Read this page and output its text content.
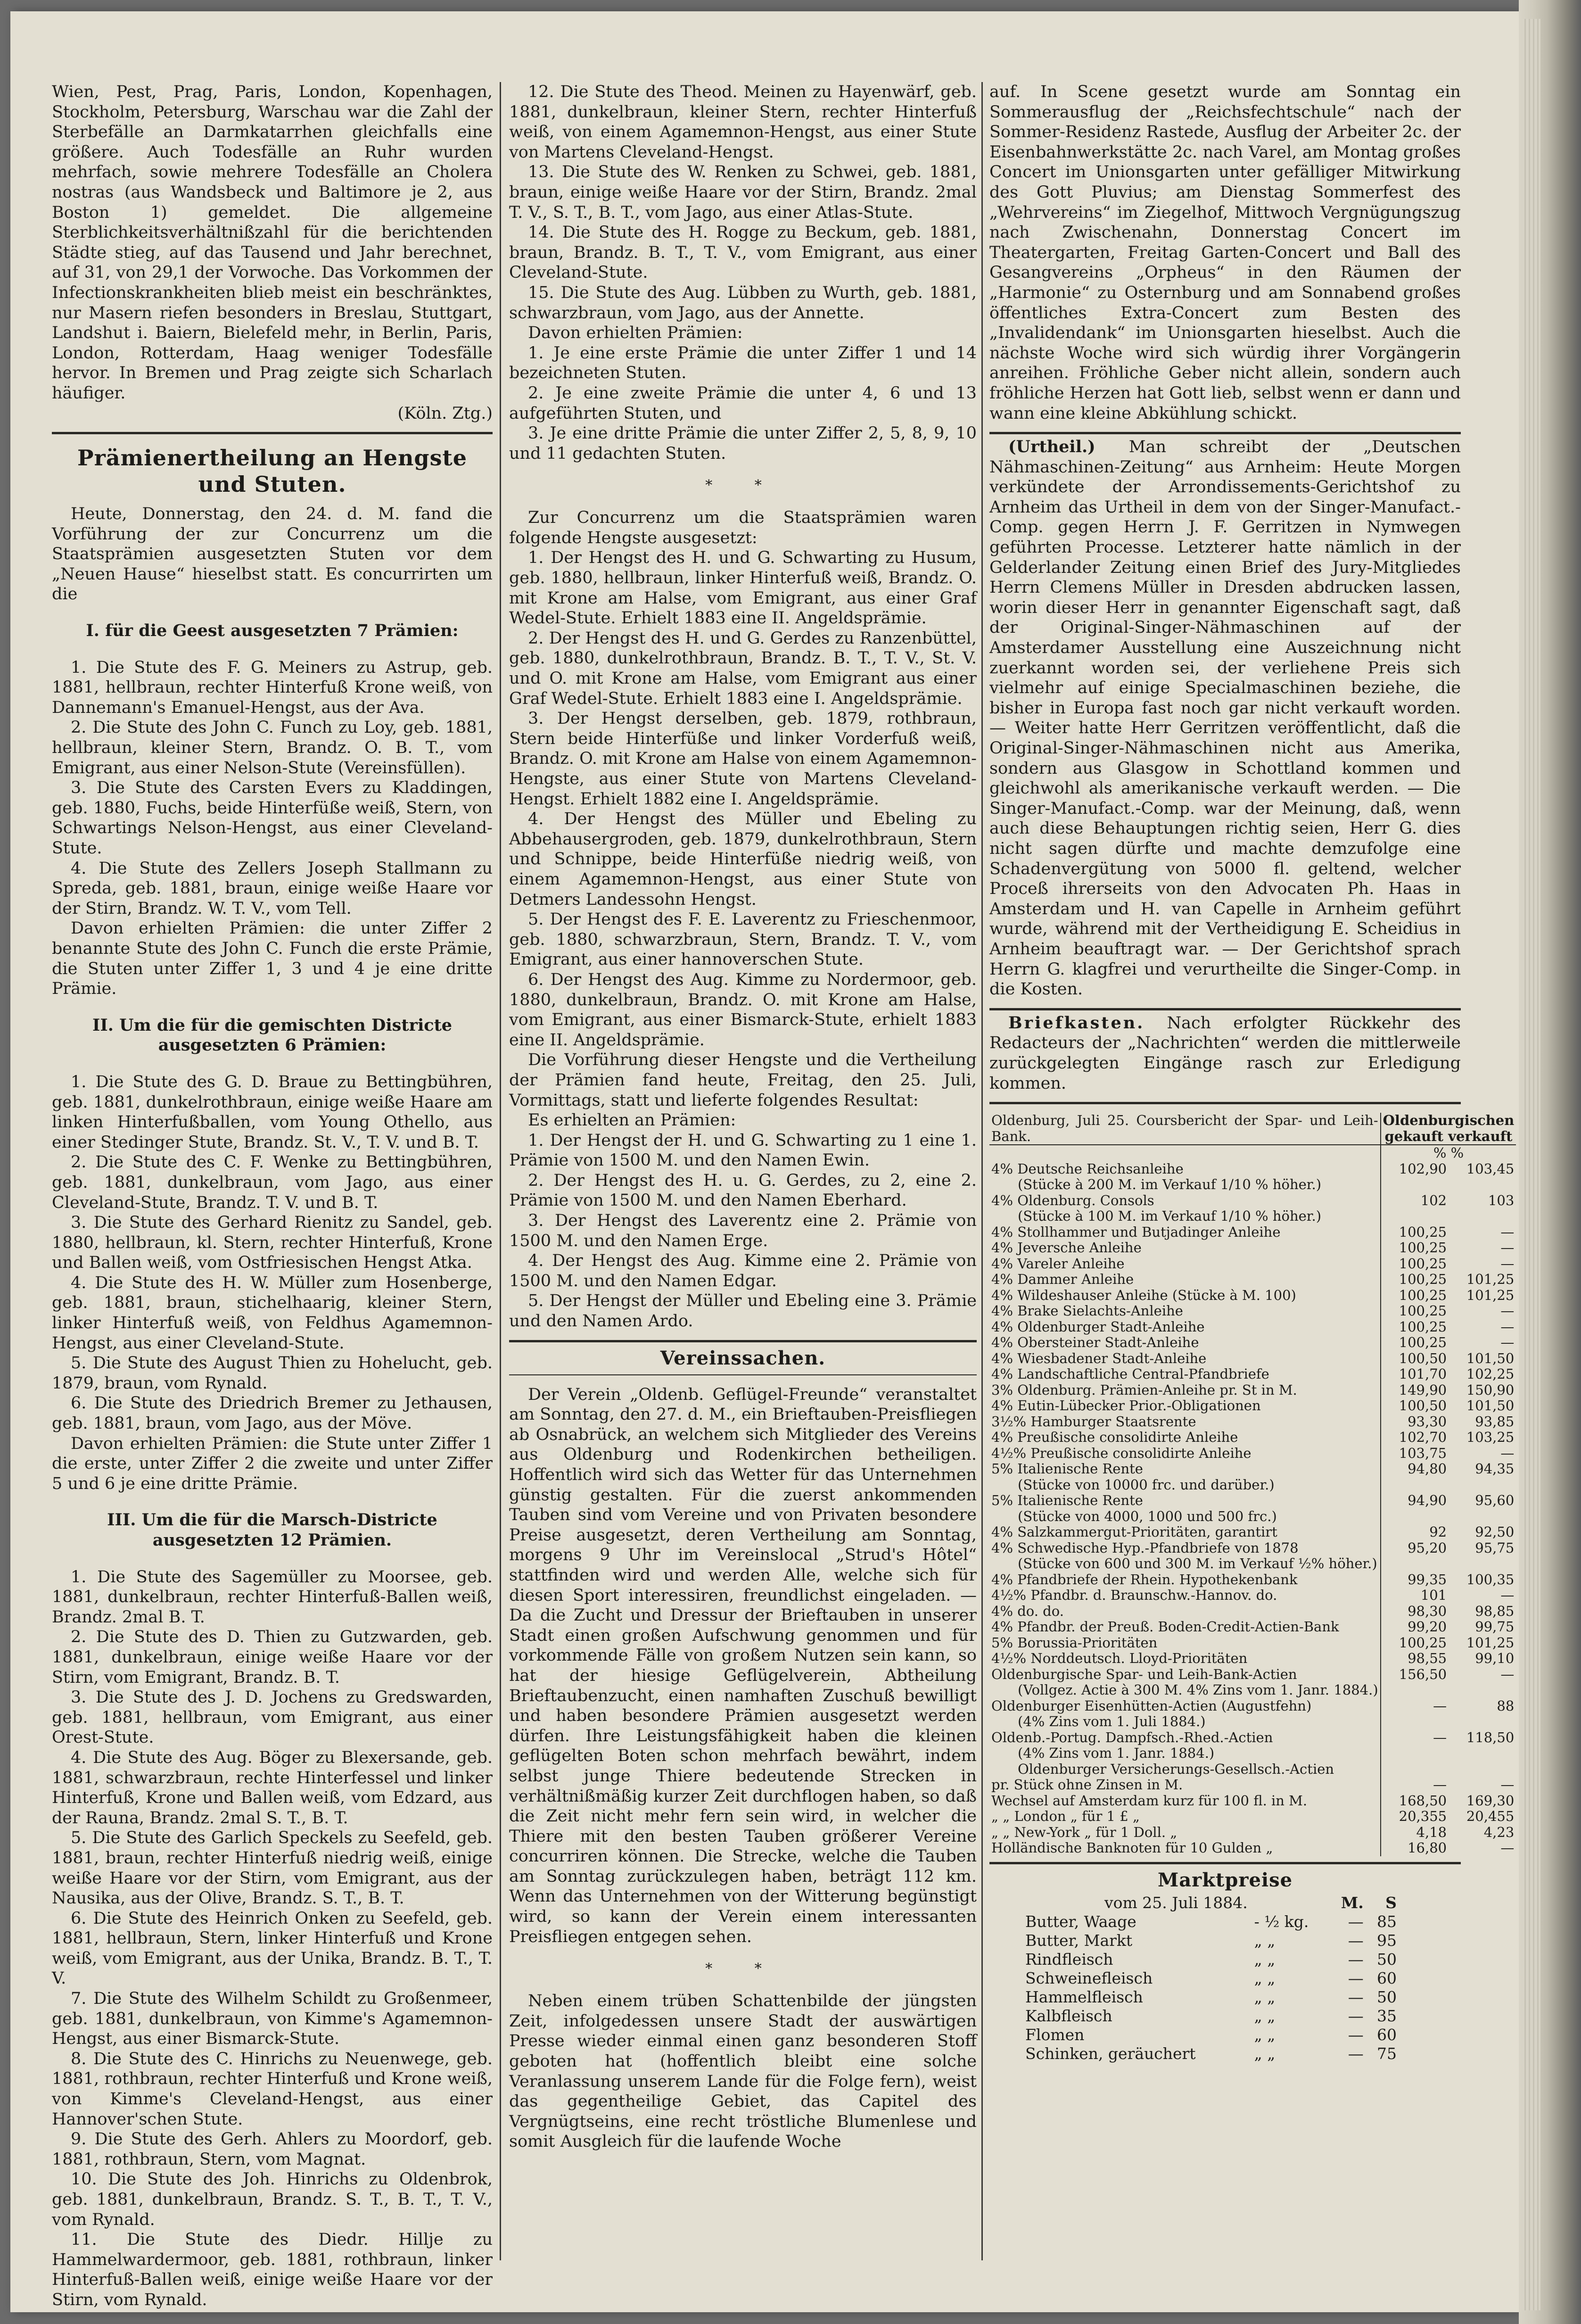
Wien, Pest, Prag, Paris, London, Kopenhagen, Stockholm, Petersburg, Warschau war die Zahl der Sterbefälle an Darmkatarrhen gleichfalls eine größere. Auch Todesfälle an Ruhr wurden mehrfach, sowie mehrere Todesfälle an Cholera nostras (aus Wandsbeck und Baltimore je 2, aus Boston 1) gemeldet. Die allgemeine Sterblichkeitsverhältnißzahl für die berichtenden Städte stieg, auf das Tausend und Jahr berechnet, auf 31, von 29,1 der Vorwoche. Das Vorkommen der Infectionskrankheiten blieb meist ein beschränktes, nur Masern riefen besonders in Breslau, Stuttgart, Landshut i. Baiern, Bielefeld mehr, in Berlin, Paris, London, Rotterdam, Haag weniger Todesfälle hervor. In Bremen und Prag zeigte sich Scharlach häufiger.

(Köln. Ztg.)

Prämienertheilung an Hengste und Stuten.

Heute, Donnerstag, den 24. d. M. fand die Vorführung der zur Concurrenz um die Staatsprämien ausgesetzten Stuten vor dem „Neuen Hause“ hieselbst statt. Es concurrirten um die

I. für die Geest ausgesetzten 7 Prämien:

1. Die Stute des F. G. Meiners zu Astrup, geb. 1881, hellbraun, rechter Hinterfuß Krone weiß, von Dannemann's Emanuel-Hengst, aus der Ava.

2. Die Stute des John C. Funch zu Loy, geb. 1881, hellbraun, kleiner Stern, Brandz. O. B. T., vom Emigrant, aus einer Nelson-Stute (Vereinsfüllen).

3. Die Stute des Carsten Evers zu Kladdingen, geb. 1880, Fuchs, beide Hinterfüße weiß, Stern, von Schwartings Nelson-Hengst, aus einer Cleveland-Stute.

4. Die Stute des Zellers Joseph Stallmann zu Spreda, geb. 1881, braun, einige weiße Haare vor der Stirn, Brandz. W. T. V., vom Tell.

Davon erhielten Prämien: die unter Ziffer 2 benannte Stute des John C. Funch die erste Prämie, die Stuten unter Ziffer 1, 3 und 4 je eine dritte Prämie.

II. Um die für die gemischten Districte ausgesetzten 6 Prämien:

1. Die Stute des G. D. Braue zu Bettingbühren, geb. 1881, dunkelrothbraun, einige weiße Haare am linken Hinterfußballen, vom Young Othello, aus einer Stedinger Stute, Brandz. St. V., T. V. und B. T.

2. Die Stute des C. F. Wenke zu Bettingbühren, geb. 1881, dunkelbraun, vom Jago, aus einer Cleveland-Stute, Brandz. T. V. und B. T.

3. Die Stute des Gerhard Rienitz zu Sandel, geb. 1880, hellbraun, kl. Stern, rechter Hinterfuß, Krone und Ballen weiß, vom Ostfriesischen Hengst Atka.

4. Die Stute des H. W. Müller zum Hosenberge, geb. 1881, braun, stichelhaarig, kleiner Stern, linker Hinterfuß weiß, von Feldhus Agamemnon-Hengst, aus einer Cleveland-Stute.

5. Die Stute des August Thien zu Hohelucht, geb. 1879, braun, vom Rynald.

6. Die Stute des Driedrich Bremer zu Jethausen, geb. 1881, braun, vom Jago, aus der Möve.

Davon erhielten Prämien: die Stute unter Ziffer 1 die erste, unter Ziffer 2 die zweite und unter Ziffer 5 und 6 je eine dritte Prämie.

III. Um die für die Marsch-Districte ausgesetzten 12 Prämien.

1. Die Stute des Sagemüller zu Moorsee, geb. 1881, dunkelbraun, rechter Hinterfuß-Ballen weiß, Brandz. 2mal B. T.

2. Die Stute des D. Thien zu Gutzwarden, geb. 1881, dunkelbraun, einige weiße Haare vor der Stirn, vom Emigrant, Brandz. B. T.

3. Die Stute des J. D. Jochens zu Gredswarden, geb. 1881, hellbraun, vom Emigrant, aus einer Orest-Stute.

4. Die Stute des Aug. Böger zu Blexersande, geb. 1881, schwarzbraun, rechte Hinterfessel und linker Hinterfuß, Krone und Ballen weiß, vom Edzard, aus der Rauna, Brandz. 2mal S. T., B. T.

5. Die Stute des Garlich Speckels zu Seefeld, geb. 1881, braun, rechter Hinterfuß niedrig weiß, einige weiße Haare vor der Stirn, vom Emigrant, aus der Nausika, aus der Olive, Brandz. S. T., B. T.

6. Die Stute des Heinrich Onken zu Seefeld, geb. 1881, hellbraun, Stern, linker Hinterfuß und Krone weiß, vom Emigrant, aus der Unika, Brandz. B. T., T. V.

7. Die Stute des Wilhelm Schildt zu Großenmeer, geb. 1881, dunkelbraun, von Kimme's Agamemnon-Hengst, aus einer Bismarck-Stute.

8. Die Stute des C. Hinrichs zu Neuenwege, geb. 1881, rothbraun, rechter Hinterfuß und Krone weiß, von Kimme's Cleveland-Hengst, aus einer Hannover'schen Stute.

9. Die Stute des Gerh. Ahlers zu Moordorf, geb. 1881, rothbraun, Stern, vom Magnat.

10. Die Stute des Joh. Hinrichs zu Oldenbrok, geb. 1881, dunkelbraun, Brandz. S. T., B. T., T. V., vom Rynald.

11. Die Stute des Diedr. Hillje zu Hammelwardermoor, geb. 1881, rothbraun, linker Hinterfuß-Ballen weiß, einige weiße Haare vor der Stirn, vom Rynald.

12. Die Stute des Theod. Meinen zu Hayenwärf, geb. 1881, dunkelbraun, kleiner Stern, rechter Hinterfuß weiß, von einem Agamemnon-Hengst, aus einer Stute von Martens Cleveland-Hengst.

13. Die Stute des W. Renken zu Schwei, geb. 1881, braun, einige weiße Haare vor der Stirn, Brandz. 2mal T. V., S. T., B. T., vom Jago, aus einer Atlas-Stute.

14. Die Stute des H. Rogge zu Beckum, geb. 1881, braun, Brandz. B. T., T. V., vom Emigrant, aus einer Cleveland-Stute.

15. Die Stute des Aug. Lübben zu Wurth, geb. 1881, schwarzbraun, vom Jago, aus der Annette.

Davon erhielten Prämien:

1. Je eine erste Prämie die unter Ziffer 1 und 14 bezeichneten Stuten.

2. Je eine zweite Prämie die unter 4, 6 und 13 aufgeführten Stuten, und

3. Je eine dritte Prämie die unter Ziffer 2, 5, 8, 9, 10 und 11 gedachten Stuten.

* *

Zur Concurrenz um die Staatsprämien waren folgende Hengste ausgesetzt:

1. Der Hengst des H. und G. Schwarting zu Husum, geb. 1880, hellbraun, linker Hinterfuß weiß, Brandz. O. mit Krone am Halse, vom Emigrant, aus einer Graf Wedel-Stute. Erhielt 1883 eine II. Angeldsprämie.

2. Der Hengst des H. und G. Gerdes zu Ranzenbüttel, geb. 1880, dunkelrothbraun, Brandz. B. T., T. V., St. V. und O. mit Krone am Halse, vom Emigrant aus einer Graf Wedel-Stute. Erhielt 1883 eine I. Angeldsprämie.

3. Der Hengst derselben, geb. 1879, rothbraun, Stern beide Hinterfüße und linker Vorderfuß weiß, Brandz. O. mit Krone am Halse von einem Agamemnon-Hengste, aus einer Stute von Martens Cleveland-Hengst. Erhielt 1882 eine I. Angeldsprämie.

4. Der Hengst des Müller und Ebeling zu Abbehausergroden, geb. 1879, dunkelrothbraun, Stern und Schnippe, beide Hinterfüße niedrig weiß, von einem Agamemnon-Hengst, aus einer Stute von Detmers Landessohn Hengst.

5. Der Hengst des F. E. Laverentz zu Frieschenmoor, geb. 1880, schwarzbraun, Stern, Brandz. T. V., vom Emigrant, aus einer hannoverschen Stute.

6. Der Hengst des Aug. Kimme zu Nordermoor, geb. 1880, dunkelbraun, Brandz. O. mit Krone am Halse, vom Emigrant, aus einer Bismarck-Stute, erhielt 1883 eine II. Angeldsprämie.

Die Vorführung dieser Hengste und die Vertheilung der Prämien fand heute, Freitag, den 25. Juli, Vormittags, statt und lieferte folgendes Resultat:

Es erhielten an Prämien:

1. Der Hengst der H. und G. Schwarting zu 1 eine 1. Prämie von 1500 M. und den Namen Ewin.

2. Der Hengst des H. u. G. Gerdes, zu 2, eine 2. Prämie von 1500 M. und den Namen Eberhard.

3. Der Hengst des Laverentz eine 2. Prämie von 1500 M. und den Namen Erge.

4. Der Hengst des Aug. Kimme eine 2. Prämie von 1500 M. und den Namen Edgar.

5. Der Hengst der Müller und Ebeling eine 3. Prämie und den Namen Ardo.

Vereinssachen.

Der Verein „Oldenb. Geflügel-Freunde“ veranstaltet am Sonntag, den 27. d. M., ein Brieftauben-Preisfliegen ab Osnabrück, an welchem sich Mitglieder des Vereins aus Oldenburg und Rodenkirchen betheiligen. Hoffentlich wird sich das Wetter für das Unternehmen günstig gestalten. Für die zuerst ankommenden Tauben sind vom Vereine und von Privaten besondere Preise ausgesetzt, deren Vertheilung am Sonntag, morgens 9 Uhr im Vereinslocal „Strud's Hôtel“ stattfinden wird und werden Alle, welche sich für diesen Sport interessiren, freundlichst eingeladen. — Da die Zucht und Dressur der Brieftauben in unserer Stadt einen großen Aufschwung genommen und für vorkommende Fälle von großem Nutzen sein kann, so hat der hiesige Geflügelverein, Abtheilung Brieftaubenzucht, einen namhaften Zuschuß bewilligt und haben besondere Prämien ausgesetzt werden dürfen. Ihre Leistungsfähigkeit haben die kleinen geflügelten Boten schon mehrfach bewährt, indem selbst junge Thiere bedeutende Strecken in verhältnißmäßig kurzer Zeit durchflogen haben, so daß die Zeit nicht mehr fern sein wird, in welcher die Thiere mit den besten Tauben größerer Vereine concurriren können. Die Strecke, welche die Tauben am Sonntag zurückzulegen haben, beträgt 112 km. Wenn das Unternehmen von der Witterung begünstigt wird, so kann der Verein einem interessanten Preisfliegen entgegen sehen.

* *

Neben einem trüben Schattenbilde der jüngsten Zeit, infolgedessen unsere Stadt der auswärtigen Presse wieder einmal einen ganz besonderen Stoff geboten hat (hoffentlich bleibt eine solche Veranlassung unserem Lande für die Folge fern), weist das gegentheilige Gebiet, das Capitel des Vergnügtseins, eine recht tröstliche Blumenlese und somit Ausgleich für die laufende Woche

auf. In Scene gesetzt wurde am Sonntag ein Sommerausflug der „Reichsfechtschule“ nach der Sommer-Residenz Rastede, Ausflug der Arbeiter 2c. der Eisenbahnwerkstätte 2c. nach Varel, am Montag großes Concert im Unionsgarten unter gefälliger Mitwirkung des Gott Pluvius; am Dienstag Sommerfest des „Wehrvereins“ im Ziegelhof, Mittwoch Vergnügungszug nach Zwischenahn, Donnerstag Concert im Theatergarten, Freitag Garten-Concert und Ball des Gesangvereins „Orpheus“ in den Räumen der „Harmonie“ zu Osternburg und am Sonnabend großes öffentliches Extra-Concert zum Besten des „Invalidendank“ im Unionsgarten hieselbst. Auch die nächste Woche wird sich würdig ihrer Vorgängerin anreihen. Fröhliche Geber nicht allein, sondern auch fröhliche Herzen hat Gott lieb, selbst wenn er dann und wann eine kleine Abkühlung schickt.

(Urtheil.) Man schreibt der „Deutschen Nähmaschinen-Zeitung“ aus Arnheim: Heute Morgen verkündete der Arrondissements-Gerichtshof zu Arnheim das Urtheil in dem von der Singer-Manufact.-Comp. gegen Herrn J. F. Gerritzen in Nymwegen geführten Processe. Letzterer hatte nämlich in der Gelderlander Zeitung einen Brief des Jury-Mitgliedes Herrn Clemens Müller in Dresden abdrucken lassen, worin dieser Herr in genannter Eigenschaft sagt, daß der Original-Singer-Nähmaschinen auf der Amsterdamer Ausstellung eine Auszeichnung nicht zuerkannt worden sei, der verliehene Preis sich vielmehr auf einige Specialmaschinen beziehe, die bisher in Europa fast noch gar nicht verkauft worden. — Weiter hatte Herr Gerritzen veröffentlicht, daß die Original-Singer-Nähmaschinen nicht aus Amerika, sondern aus Glasgow in Schottland kommen und gleichwohl als amerikanische verkauft werden. — Die Singer-Manufact.-Comp. war der Meinung, daß, wenn auch diese Behauptungen richtig seien, Herr G. dies nicht sagen dürfte und machte demzufolge eine Schadenvergütung von 5000 fl. geltend, welcher Proceß ihrerseits von den Advocaten Ph. Haas in Amsterdam und H. van Capelle in Arnheim geführt wurde, während mit der Vertheidigung E. Scheidius in Arnheim beauftragt war. — Der Gerichtshof sprach Herrn G. klagfrei und verurtheilte die Singer-Comp. in die Kosten.

Briefkasten. Nach erfolgter Rückkehr des Redacteurs der „Nachrichten“ werden die mittlerweile zurückgelegten Eingänge rasch zur Erledigung kommen.

Oldenburg, Juli 25. Coursbericht der Spar- und Leih-Bank.	Oldenburgischen gekauft verkauft	
	% %	
4% Deutsche Reichsanleihe	102,90	103,45
(Stücke à 200 M. im Verkauf 1/10 % höher.)		
4% Oldenburg. Consols	102	103
(Stücke à 100 M. im Verkauf 1/10 % höher.)		
4% Stollhammer und Butjadinger Anleihe	100,25	—
4% Jeversche Anleihe	100,25	—
4% Vareler Anleihe	100,25	—
4% Dammer Anleihe	100,25	101,25
4% Wildeshauser Anleihe (Stücke à M. 100)	100,25	101,25
4% Brake Sielachts-Anleihe	100,25	—
4% Oldenburger Stadt-Anleihe	100,25	—
4% Obersteiner Stadt-Anleihe	100,25	—
4% Wiesbadener Stadt-Anleihe	100,50	101,50
4% Landschaftliche Central-Pfandbriefe	101,70	102,25
3% Oldenburg. Prämien-Anleihe pr. St in M.	149,90	150,90
4% Eutin-Lübecker Prior.-Obligationen	100,50	101,50
3½% Hamburger Staatsrente	93,30	93,85
4% Preußische consolidirte Anleihe	102,70	103,25
4½% Preußische consolidirte Anleihe	103,75	—
5% Italienische Rente	94,80	94,35
(Stücke von 10000 frc. und darüber.)		
5% Italienische Rente	94,90	95,60
(Stücke von 4000, 1000 und 500 frc.)		
4% Salzkammergut-Prioritäten, garantirt	92	92,50
4% Schwedische Hyp.-Pfandbriefe von 1878	95,20	95,75
(Stücke von 600 und 300 M. im Verkauf ½% höher.)		
4% Pfandbriefe der Rhein. Hypothekenbank	99,35	100,35
4½% Pfandbr. d. Braunschw.-Hannov. do.	101	—
4% do. do.	98,30	98,85
4% Pfandbr. der Preuß. Boden-Credit-Actien-Bank	99,20	99,75
5% Borussia-Prioritäten	100,25	101,25
4½% Norddeutsch. Lloyd-Prioritäten	98,55	99,10
Oldenburgische Spar- und Leih-Bank-Actien	156,50	—
(Vollgez. Actie à 300 M. 4% Zins vom 1. Janr. 1884.)		
Oldenburger Eisenhütten-Actien (Augustfehn)	—	88
(4% Zins vom 1. Juli 1884.)		
Oldenb.-Portug. Dampfsch.-Rhed.-Actien	—	118,50
(4% Zins vom 1. Janr. 1884.)		
Oldenburger Versicherungs-Gesellsch.-Actien		
pr. Stück ohne Zinsen in M.	—	—
Wechsel auf Amsterdam kurz für 100 fl. in M.	168,50	169,30
„ „ London „ für 1 £ „	20,355	20,455
„ „ New-York „ für 1 Doll. „	4,18	4,23
Holländische Banknoten für 10 Gulden „	16,80	—

Marktpreise

vom 25. Juli 1884.		M.	S
Butter, Waage	- ½ kg.	—	85
Butter, Markt	„ „	—	95
Rindfleisch	„ „	—	50
Schweinefleisch	„ „	—	60
Hammelfleisch	„ „	—	50
Kalbfleisch	„ „	—	35
Flomen	„ „	—	60
Schinken, geräuchert	„ „	—	75
